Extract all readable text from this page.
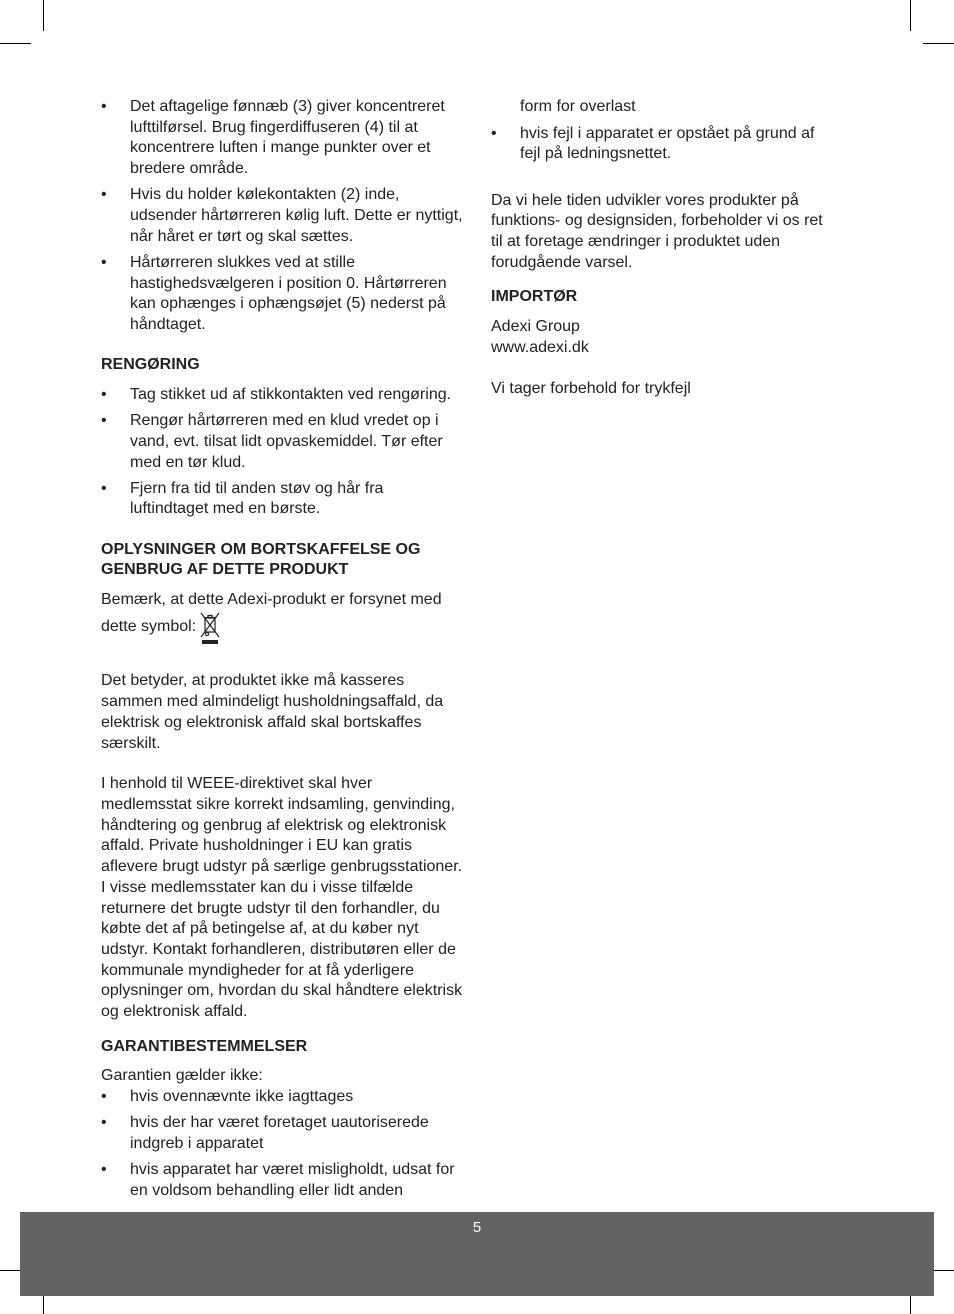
• Det aftagelige fønnæb (3) giver koncentreret lufttilførsel. Brug fingerdiffuseren (4) til at koncentrere luften i mange punkter over et bredere område.
• Hvis du holder kølekontakten (2) inde, udsender hårtørreren kølig luft. Dette er nyttigt, når håret er tørt og skal sættes.
• Hårtørreren slukkes ved at stille hastighedsvælgeren i position 0. Hårtørreren kan ophænges i ophængsøjet (5) nederst på håndtaget.
RENGØRING
• Tag stikket ud af stikkontakten ved rengøring.
• Rengør hårtørreren med en klud vredet op i vand, evt. tilsat lidt opvaskemiddel. Tør efter med en tør klud.
• Fjern fra tid til anden støv og hår fra luftindtaget med en børste.
OPLYSNINGER OM BORTSKAFFELSE OG GENBRUG AF DETTE PRODUKT

Bemærk, at dette Adexi-produkt er forsynet med dette symbol:

Det betyder, at produktet ikke må kasseres sammen med almindeligt husholdningsaffald, da elektrisk og elektronisk affald skal bortskaffes særskilt.

I henhold til WEEE-direktivet skal hver medlemsstat sikre korrekt indsamling, genvinding, håndtering og genbrug af elektrisk og elektronisk affald. Private husholdninger i EU kan gratis aflevere brugt udstyr på særlige genbrugsstationer. I visse medlemsstater kan du i visse tilfælde returnere det brugte udstyr til den forhandler, du købte det af på betingelse af, at du køber nyt udstyr. Kontakt forhandleren, distributøren eller de kommunale myndigheder for at få yderligere oplysninger om, hvordan du skal håndtere elektrisk og elektronisk affald.

GARANTIBESTEMMELSER

Garantien gælder ikke:

• hvis ovennævnte ikke iagttages
• hvis der har været foretaget uautoriserede indgreb i apparatet
• hvis apparatet har været misligholdt, udsat for en voldsom behandling eller lidt anden

form for overlast

• hvis fejl i apparatet er opstået på grund af fejl på ledningsnettet.

Da vi hele tiden udvikler vores produkter på funktions- og designsiden, forbeholder vi os ret til at foretage ændringer i produktet uden forudgående varsel.

IMPORTØR

Adexi Group

www.adexi.dk

Vi tager forbehold for trykfejl

5
